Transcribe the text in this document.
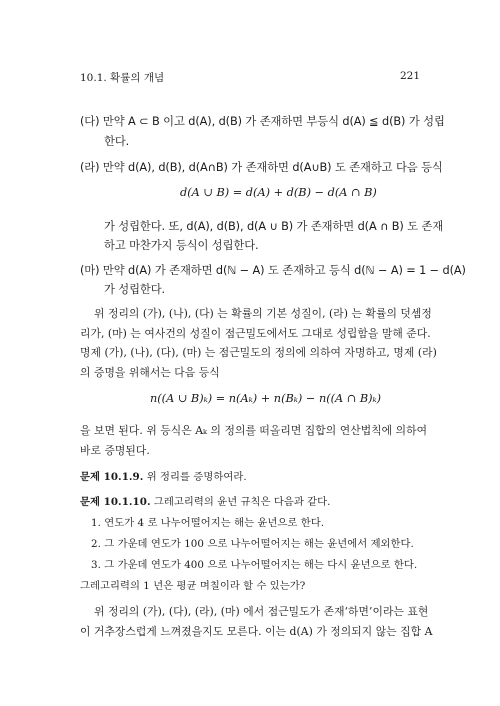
10.1. 확률의 개념	221
(다) 만약 A ⊂ B 이고 d(A), d(B) 가 존재하면 부등식 d(A) ≦ d(B) 가 성립
한다.
(라) 만약 d(A), d(B), d(A∩B) 가 존재하면 d(A∪B) 도 존재하고 다음 등식
d(A ∪ B) = d(A) + d(B) − d(A ∩ B)
가 성립한다. 또, d(A), d(B), d(A ∪ B) 가 존재하면 d(A ∩ B) 도 존재
하고 마찬가지 등식이 성립한다.
(마) 만약 d(A) 가 존재하면 d(ℕ − A) 도 존재하고 등식 d(ℕ − A) = 1 − d(A)
가 성립한다.
위 정리의 (가), (나), (다) 는 확률의 기본 성질이, (라) 는 확률의 덧셈정
리가, (마) 는 여사건의 성질이 점근밀도에서도 그대로 성립함을 말해 준다.
명제 (가), (나), (다), (마) 는 점근밀도의 정의에 의하여 자명하고, 명제 (라)
의 증명을 위해서는 다음 등식
n((A ∪ B)ₖ) = n(Aₖ) + n(Bₖ) − n((A ∩ B)ₖ)
을 보면 된다. 위 등식은 Aₖ 의 정의를 떠올리면 집합의 연산법칙에 의하여
바로 증명된다.
문제 10.1.9. 위 정리를 증명하여라.
문제 10.1.10. 그레고리력의 윤년 규칙은 다음과 같다.
1. 연도가 4 로 나누어떨어지는 해는 윤년으로 한다.
2. 그 가운데 연도가 100 으로 나누어떨어지는 해는 윤년에서 제외한다.
3. 그 가운데 연도가 400 으로 나누어떨어지는 해는 다시 윤년으로 한다.
그레고리력의 1 년은 평균 며칠이라 할 수 있는가?
위 정리의 (가), (다), (라), (마) 에서 점근밀도가 존재‘하면’이라는 표현
이 거추장스럽게 느껴졌을지도 모른다. 이는 d(A) 가 정의되지 않는 집합 A
